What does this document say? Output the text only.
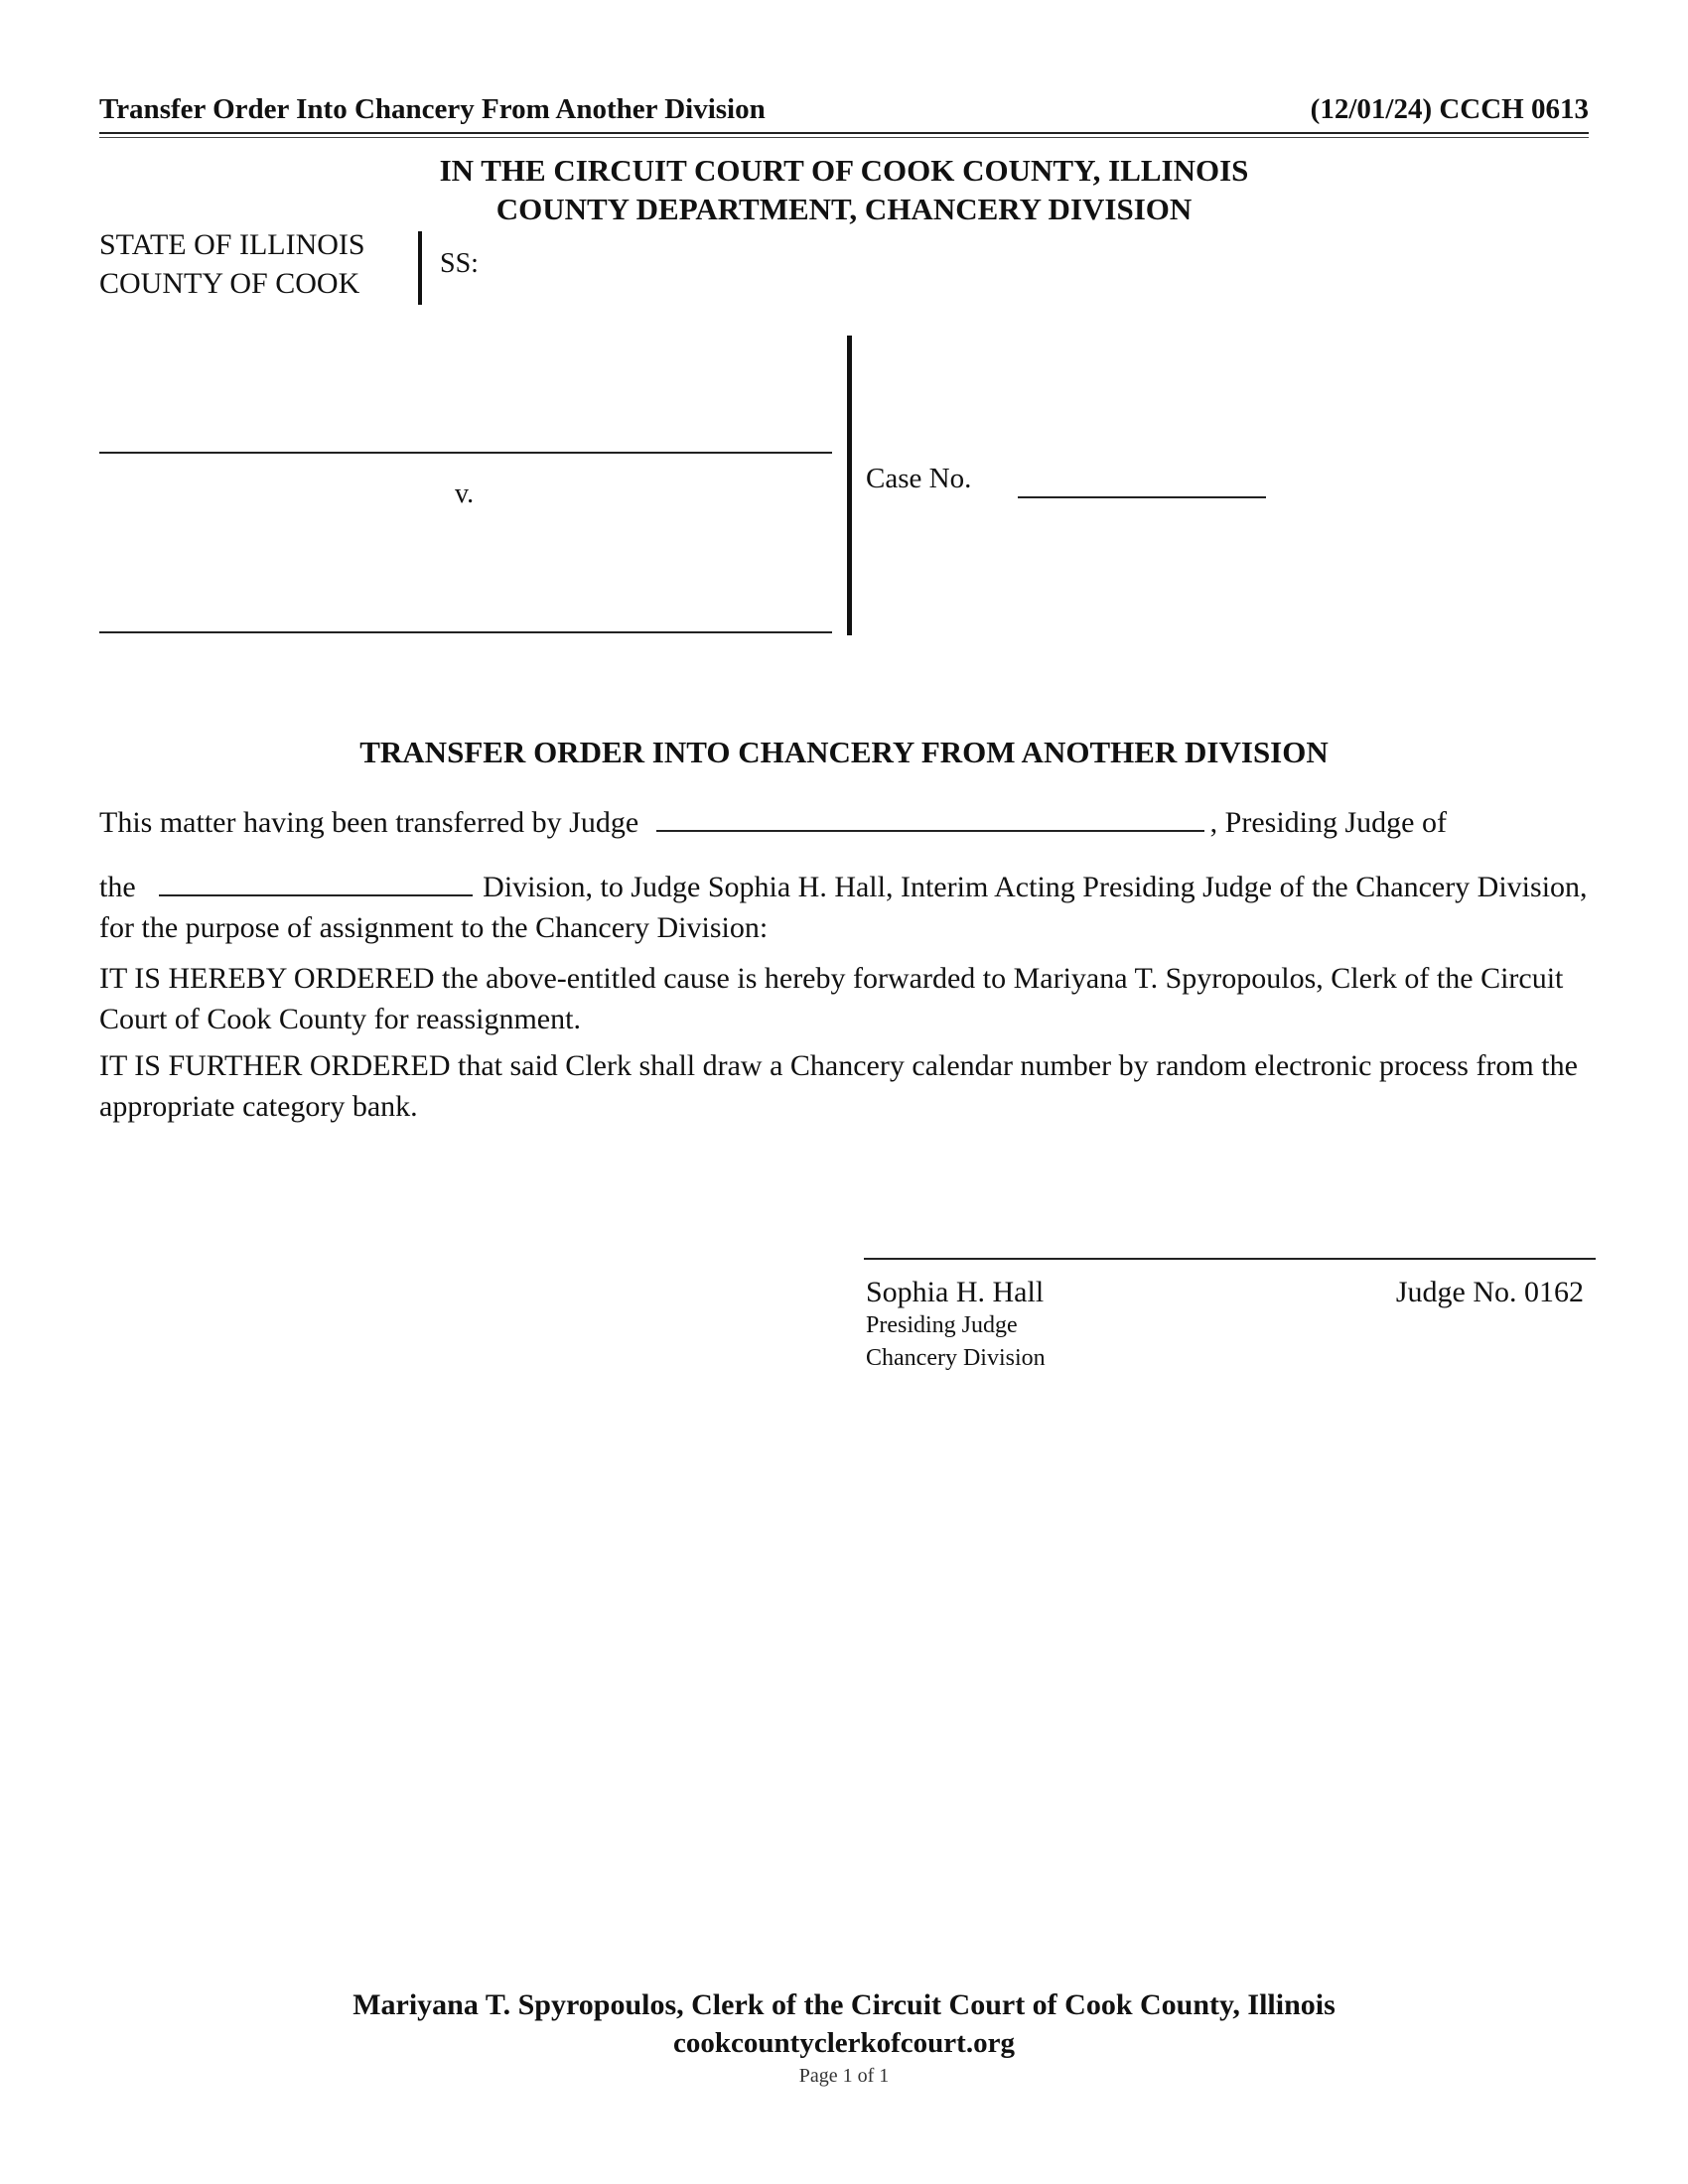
Transfer Order Into Chancery From Another Division	(12/01/24) CCCH 0613
IN THE CIRCUIT COURT OF COOK COUNTY, ILLINOIS
COUNTY DEPARTMENT, CHANCERY DIVISION
STATE OF ILLINOIS
COUNTY OF COOK
SS:
v.	Case No.
TRANSFER ORDER INTO CHANCERY FROM ANOTHER DIVISION
This matter having been transferred by Judge	, Presiding Judge of
the	Division, to Judge Sophia H. Hall, Interim Acting Presiding Judge of the Chancery Division, for the purpose of assignment to the Chancery Division:
IT IS HEREBY ORDERED the above-entitled cause is hereby forwarded to Mariyana T. Spyropoulos, Clerk of the Circuit Court of Cook County for reassignment.
IT IS FURTHER ORDERED that said Clerk shall draw a Chancery calendar number by random electronic process from the appropriate category bank.
Sophia H. Hall	Judge No. 0162
Presiding Judge
Chancery Division
Mariyana T. Spyropoulos, Clerk of the Circuit Court of Cook County, Illinois
cookcountyclerkofcourt.org
Page 1 of 1
